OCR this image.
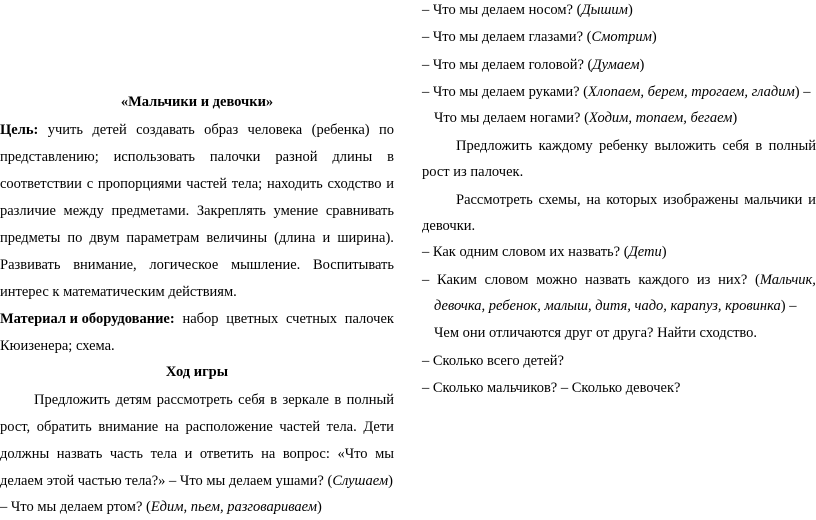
«Мальчики и девочки»
Цель: учить детей создавать образ человека (ребенка) по
представлению; использовать палочки разной длины в
соответствии с пропорциями частей тела; находить сходство и
различие между предметами. Закреплять умение сравнивать
предметы по двум параметрам величины (длина и ширина).
Развивать внимание, логическое мышление. Воспитывать
интерес к математическим действиям.
Материал и оборудование: набор цветных счетных палочек
Кюизенера; схема.
Ход игры
Предложить детям рассмотреть себя в зеркале в полный
рост, обратить внимание на расположение частей тела. Дети
должны назвать часть тела и ответить на вопрос: «Что мы
делаем этой частью тела?» – Что мы делаем ушами? (Слушаем)
– Что мы делаем ртом? (Едим, пьем, разговариваем)
– Что мы делаем носом? (Дышим)
– Что мы делаем глазами? (Смотрим)
– Что мы делаем головой? (Думаем)
– Что мы делаем руками? (Хлопаем, берем, трогаем, гладим) –
Что мы делаем ногами? (Ходим, топаем, бегаем)
Предложить каждому ребенку выложить себя в полный
рост из палочек.
Рассмотреть схемы, на которых изображены мальчики и
девочки.
– Как одним словом их назвать? (Дети)
– Каким словом можно назвать каждого из них? (Мальчик,
девочка, ребенок, малыш, дитя, чадо, карапуз, кровинка) –
Чем они отличаются друг от друга? Найти сходство.
– Сколько всего детей?
– Сколько мальчиков? – Сколько девочек?
